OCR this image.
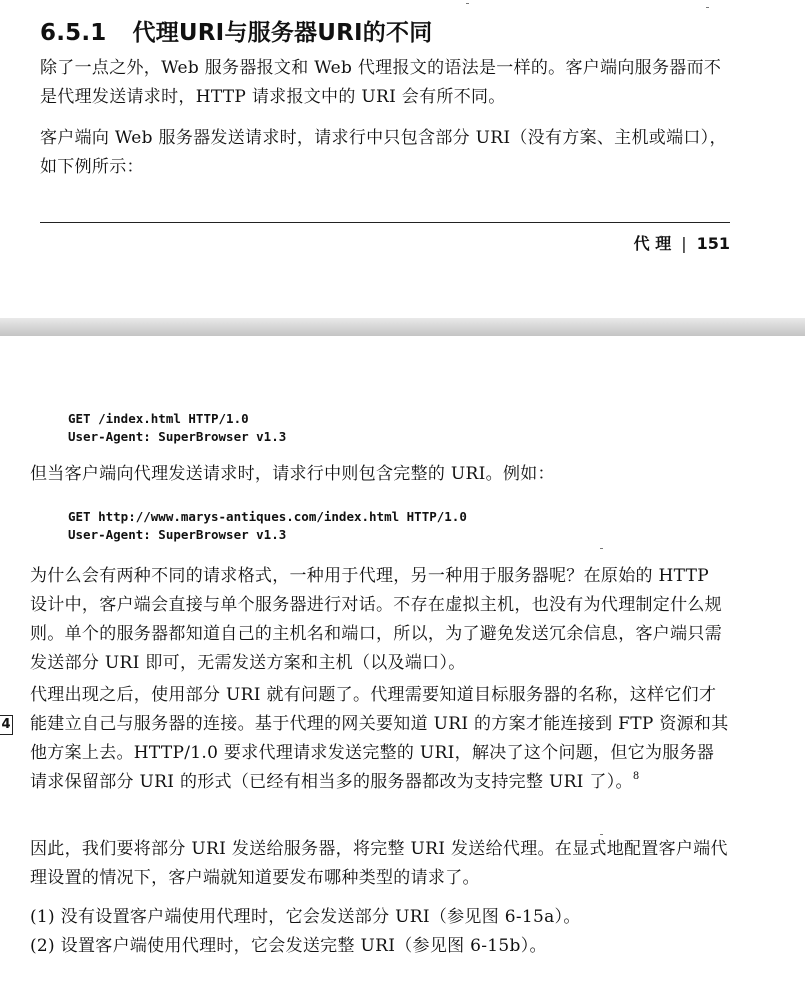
6.5.1 代理URI与服务器URI的不同

除了一点之外，Web 服务器报文和 Web 代理报文的语法是一样的。客户端向服务器而不是代理发送请求时，HTTP 请求报文中的 URI 会有所不同。

客户端向 Web 服务器发送请求时，请求行中只包含部分 URI（没有方案、主机或端口），如下例所示：

代 理 | 151
GET /index.html HTTP/1.0
User-Agent: SuperBrowser v1.3

但当客户端向代理发送请求时，请求行中则包含完整的 URI。例如：

GET http://www.marys-antiques.com/index.html HTTP/1.0
User-Agent: SuperBrowser v1.3

为什么会有两种不同的请求格式，一种用于代理，另一种用于服务器呢？在原始的 HTTP 设计中，客户端会直接与单个服务器进行对话。不存在虚拟主机，也没有为代理制定什么规则。单个的服务器都知道自己的主机名和端口，所以，为了避免发送冗余信息，客户端只需发送部分 URI 即可，无需发送方案和主机（以及端口）。

代理出现之后，使用部分 URI 就有问题了。代理需要知道目标服务器的名称，这样它们才能建立自己与服务器的连接。基于代理的网关要知道 URI 的方案才能连接到 FTP 资源和其他方案上去。HTTP/1.0 要求代理请求发送完整的 URI，解决了这个问题，但它为服务器请求保留部分 URI 的形式（已经有相当多的服务器都改为支持完整 URI 了）。$^8$

因此，我们要将部分 URI 发送给服务器，将完整 URI 发送给代理。在显式地配置客户端代理设置的情况下，客户端就知道要发布哪种类型的请求了。

(1) 没有设置客户端使用代理时，它会发送部分 URI（参见图 6-15a）。

(2) 设置客户端使用代理时，它会发送完整 URI（参见图 6-15b）。

4
